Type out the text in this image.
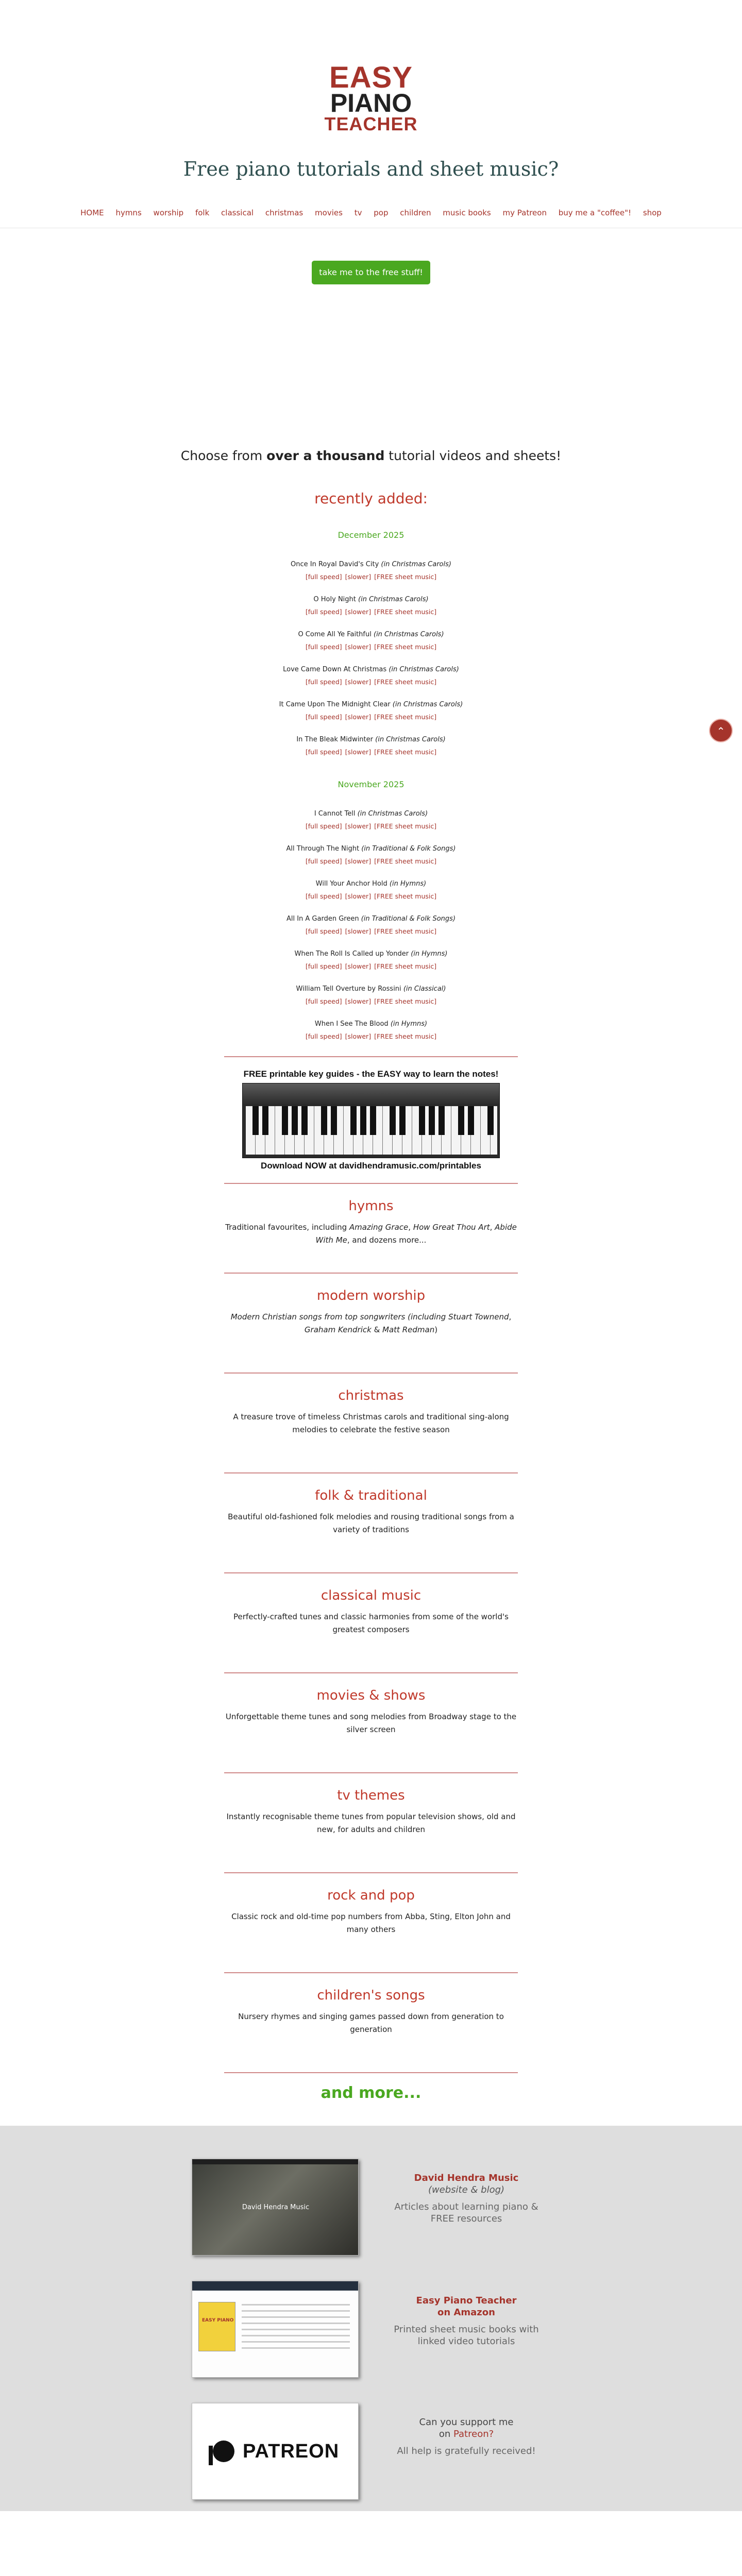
EASY
PIANO
TEACHER
Free piano tutorials and sheet music?
HOME hymns worship folk classical christmas movies tv pop children music books my Patreon buy me a "coffee"! shop
take me to the free stuff!
Choose from over a thousand tutorial videos and sheets!
recently added:
December 2025
Once In Royal David's City (in Christmas Carols)
[full speed] [slower] [FREE sheet music]
O Holy Night (in Christmas Carols)
[full speed] [slower] [FREE sheet music]
O Come All Ye Faithful (in Christmas Carols)
[full speed] [slower] [FREE sheet music]
Love Came Down At Christmas (in Christmas Carols)
[full speed] [slower] [FREE sheet music]
It Came Upon The Midnight Clear (in Christmas Carols)
[full speed] [slower] [FREE sheet music]
In The Bleak Midwinter (in Christmas Carols)
[full speed] [slower] [FREE sheet music]
November 2025
I Cannot Tell (in Christmas Carols)
[full speed] [slower] [FREE sheet music]
All Through The Night (in Traditional & Folk Songs)
[full speed] [slower] [FREE sheet music]
Will Your Anchor Hold (in Hymns)
[full speed] [slower] [FREE sheet music]
All In A Garden Green (in Traditional & Folk Songs)
[full speed] [slower] [FREE sheet music]
When The Roll Is Called up Yonder (in Hymns)
[full speed] [slower] [FREE sheet music]
William Tell Overture by Rossini (in Classical)
[full speed] [slower] [FREE sheet music]
When I See The Blood (in Hymns)
[full speed] [slower] [FREE sheet music]
FREE printable key guides - the EASY way to learn the notes!
Download NOW at davidhendramusic.com/printables
hymns
Traditional favourites, including Amazing Grace, How Great Thou Art, Abide With Me, and dozens more...
modern worship
Modern Christian songs from top songwriters (including Stuart Townend, Graham Kendrick & Matt Redman)
christmas
A treasure trove of timeless Christmas carols and traditional sing-along melodies to celebrate the festive season
folk & traditional
Beautiful old-fashioned folk melodies and rousing traditional songs from a variety of traditions
classical music
Perfectly-crafted tunes and classic harmonies from some of the world's greatest composers
movies & shows
Unforgettable theme tunes and song melodies from Broadway stage to the silver screen
tv themes
Instantly recognisable theme tunes from popular television shows, old and new, for adults and children
rock and pop
Classic rock and old-time pop numbers from Abba, Sting, Elton John and many others
children's songs
Nursery rhymes and singing games passed down from generation to generation
and more...
David Hendra Music
David Hendra Music
(website & blog)
Articles about learning piano & FREE resources
EASY PIANO
Easy Piano Teacher
on Amazon
Printed sheet music books with linked video tutorials
PATREON
Can you support me
on Patreon?
All help is gratefully received!
⌃
